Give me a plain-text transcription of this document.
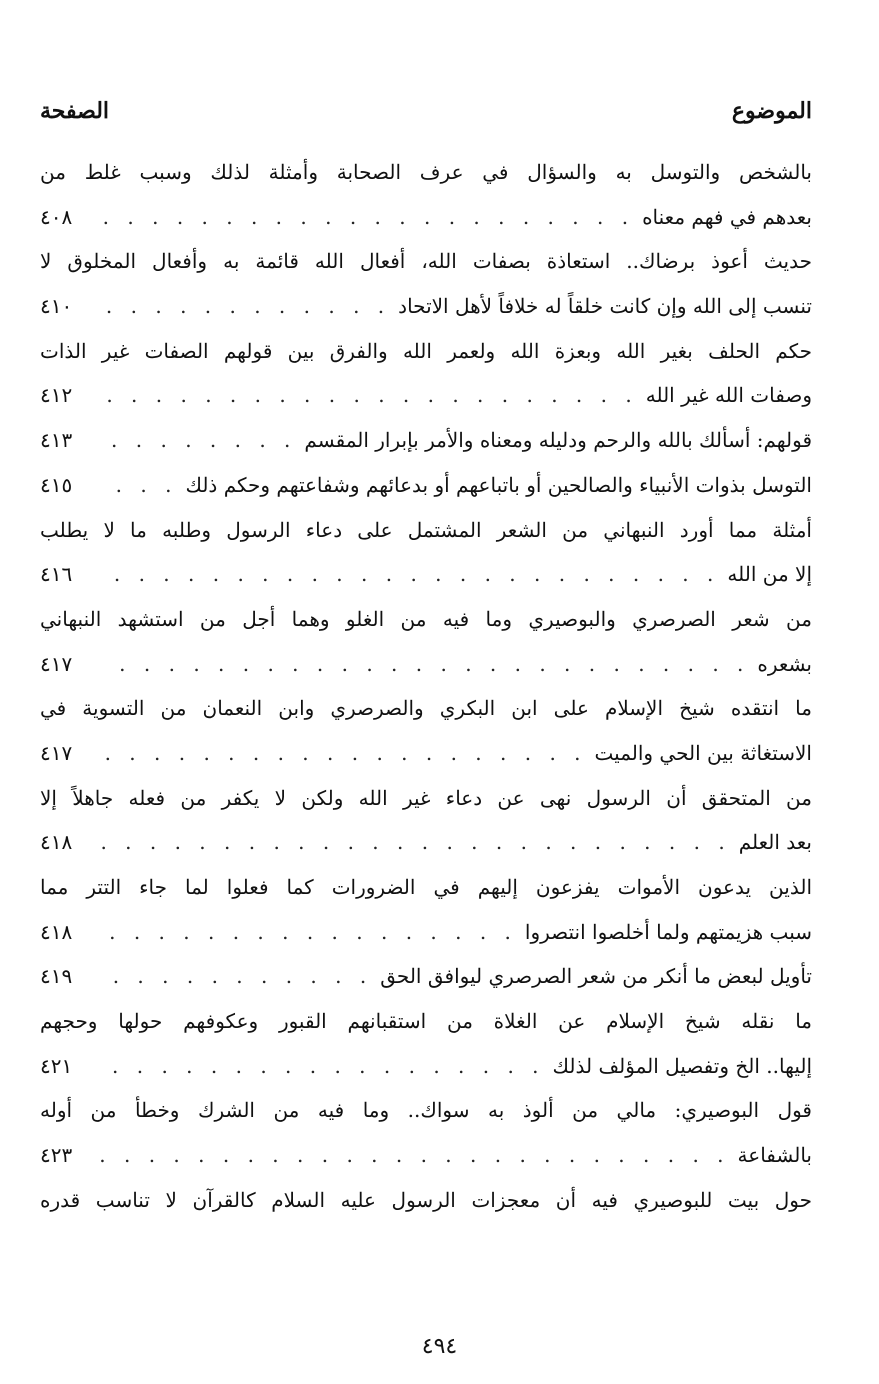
الموضوع
الصفحة
بالشخص والتوسل به والسؤال في عرف الصحابة وأمثلة لذلك وسبب غلط من
بعدهم في فهم معناه
. . .
٤٠٨
حديث أعوذ برضاك.. استعاذة بصفات الله، أفعال الله قائمة به وأفعال المخلوق لا
تنسب إلى الله وإن كانت خلقاً له خلافاً لأهل الاتحاد
. . .
٤١٠
حكم الحلف بغير الله وبعزة الله ولعمر الله والفرق بين قولهم الصفات غير الذات
وصفات الله غير الله
. . .
٤١٢
قولهم: أسألك بالله والرحم ودليله ومعناه والأمر بإبرار المقسم
. . .
٤١٣
التوسل بذوات الأنبياء والصالحين أو باتباعهم أو بدعائهم وشفاعتهم وحكم ذلك
. . .
٤١٥
أمثلة مما أورد النبهاني من الشعر المشتمل على دعاء الرسول وطلبه ما لا يطلب
إلا من الله
. . .
٤١٦
من شعر الصرصري والبوصيري وما فيه من الغلو وهما أجل من استشهد النبهاني
بشعره
. . .
٤١٧
ما انتقده شيخ الإسلام على ابن البكري والصرصري وابن النعمان من التسوية في
الاستغاثة بين الحي والميت
. . .
٤١٧
من المتحقق أن الرسول نهى عن دعاء غير الله ولكن لا يكفر من فعله جاهلاً إلا
بعد العلم
. . .
٤١٨
الذين يدعون الأموات يفزعون إليهم في الضرورات كما فعلوا لما جاء التتر مما
سبب هزيمتهم ولما أخلصوا انتصروا
. . .
٤١٨
تأويل لبعض ما أنكر من شعر الصرصري ليوافق الحق
. . .
٤١٩
ما نقله شيخ الإسلام عن الغلاة من استقبانهم القبور وعكوفهم حولها وحجهم
إليها.. الخ وتفصيل المؤلف لذلك
. . .
٤٢١
قول البوصيري: مالي من ألوذ به سواك.. وما فيه من الشرك وخطأ من أوله
بالشفاعة
. . .
٤٢٣
حول بيت للبوصيري فيه أن معجزات الرسول عليه السلام كالقرآن لا تناسب قدره
٤٩٤
